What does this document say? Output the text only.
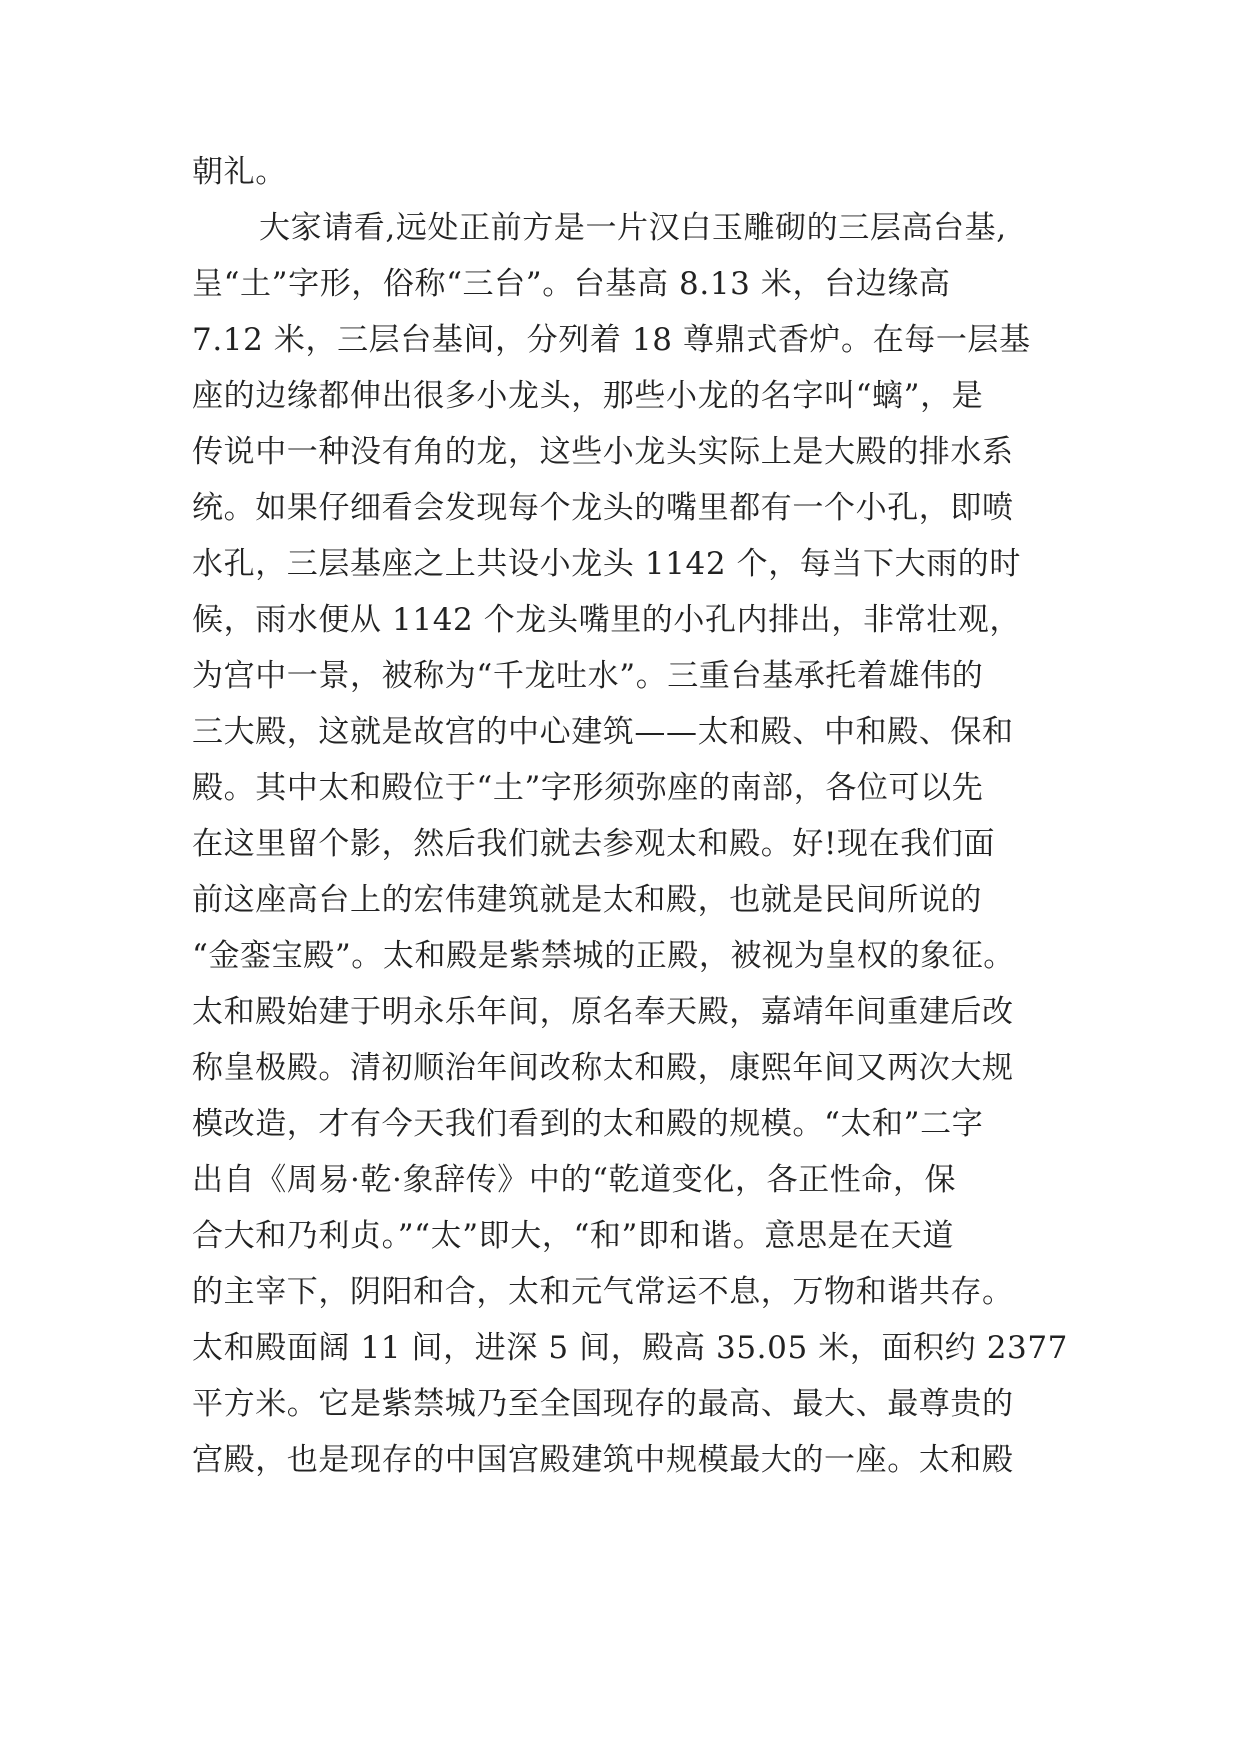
朝礼。
大家请看,远处正前方是一片汉白玉雕砌的三层高台基,
呈“土”字形，俗称“三台”。台基高 8.13 米，台边缘高
7.12 米，三层台基间，分列着 18 尊鼎式香炉。在每一层基
座的边缘都伸出很多小龙头，那些小龙的名字叫“螭”，是
传说中一种没有角的龙，这些小龙头实际上是大殿的排水系
统。如果仔细看会发现每个龙头的嘴里都有一个小孔，即喷
水孔，三层基座之上共设小龙头 1142 个，每当下大雨的时
候，雨水便从 1142 个龙头嘴里的小孔内排出，非常壮观，
为宫中一景，被称为“千龙吐水”。三重台基承托着雄伟的
三大殿，这就是故宫的中心建筑——太和殿、中和殿、保和
殿。其中太和殿位于“土”字形须弥座的南部，各位可以先
在这里留个影，然后我们就去参观太和殿。好!现在我们面
前这座高台上的宏伟建筑就是太和殿，也就是民间所说的
“金銮宝殿”。太和殿是紫禁城的正殿，被视为皇权的象征。
太和殿始建于明永乐年间，原名奉天殿，嘉靖年间重建后改
称皇极殿。清初顺治年间改称太和殿，康熙年间又两次大规
模改造，才有今天我们看到的太和殿的规模。“太和”二字
出自《周易·乾·象辞传》中的“乾道变化，各正性命，保
合大和乃利贞。”“太”即大，“和”即和谐。意思是在天道
的主宰下，阴阳和合，太和元气常运不息，万物和谐共存。
太和殿面阔 11 间，进深 5 间，殿高 35.05 米，面积约 2377
平方米。它是紫禁城乃至全国现存的最高、最大、最尊贵的
宫殿，也是现存的中国宫殿建筑中规模最大的一座。太和殿
